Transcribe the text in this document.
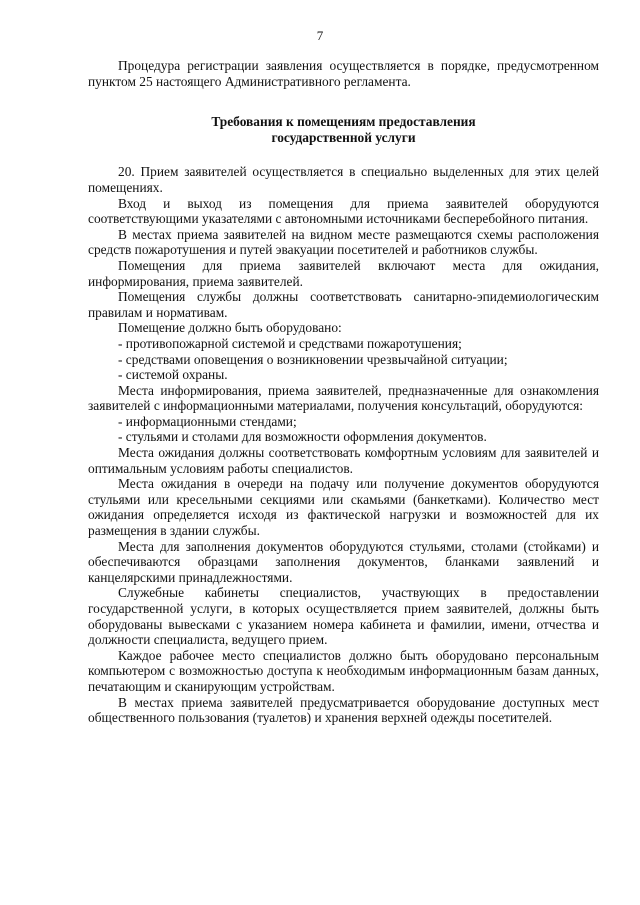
7

Процедура регистрации заявления осуществляется в порядке, предусмотренном пунктом 25 настоящего Административного регламента.

Требования к помещениям предоставления
государственной услуги

20. Прием заявителей осуществляется в специально выделенных для этих целей помещениях.

Вход и выход из помещения для приема заявителей оборудуются соответствующими указателями с автономными источниками бесперебойного питания.

В местах приема заявителей на видном месте размещаются схемы расположения средств пожаротушения и путей эвакуации посетителей и работников службы.

Помещения для приема заявителей включают места для ожидания, информирования, приема заявителей.

Помещения службы должны соответствовать санитарно-эпидемиологическим правилам и нормативам.

Помещение должно быть оборудовано:

- противопожарной системой и средствами пожаротушения;

- средствами оповещения о возникновении чрезвычайной ситуации;

- системой охраны.

Места информирования, приема заявителей, предназначенные для ознакомления заявителей с информационными материалами, получения консультаций, оборудуются:

- информационными стендами;

- стульями и столами для возможности оформления документов.

Места ожидания должны соответствовать комфортным условиям для заявителей и оптимальным условиям работы специалистов.

Места ожидания в очереди на подачу или получение документов оборудуются стульями или кресельными секциями или скамьями (банкетками). Количество мест ожидания определяется исходя из фактической нагрузки и возможностей для их размещения в здании службы.

Места для заполнения документов оборудуются стульями, столами (стойками) и обеспечиваются образцами заполнения документов, бланками заявлений и канцелярскими принадлежностями.

Служебные кабинеты специалистов, участвующих в предоставлении государственной услуги, в которых осуществляется прием заявителей, должны быть оборудованы вывесками с указанием номера кабинета и фамилии, имени, отчества и должности специалиста, ведущего прием.

Каждое рабочее место специалистов должно быть оборудовано персональным компьютером с возможностью доступа к необходимым информационным базам данных, печатающим и сканирующим устройствам.

В местах приема заявителей предусматривается оборудование доступных мест общественного пользования (туалетов) и хранения верхней одежды посетителей.
